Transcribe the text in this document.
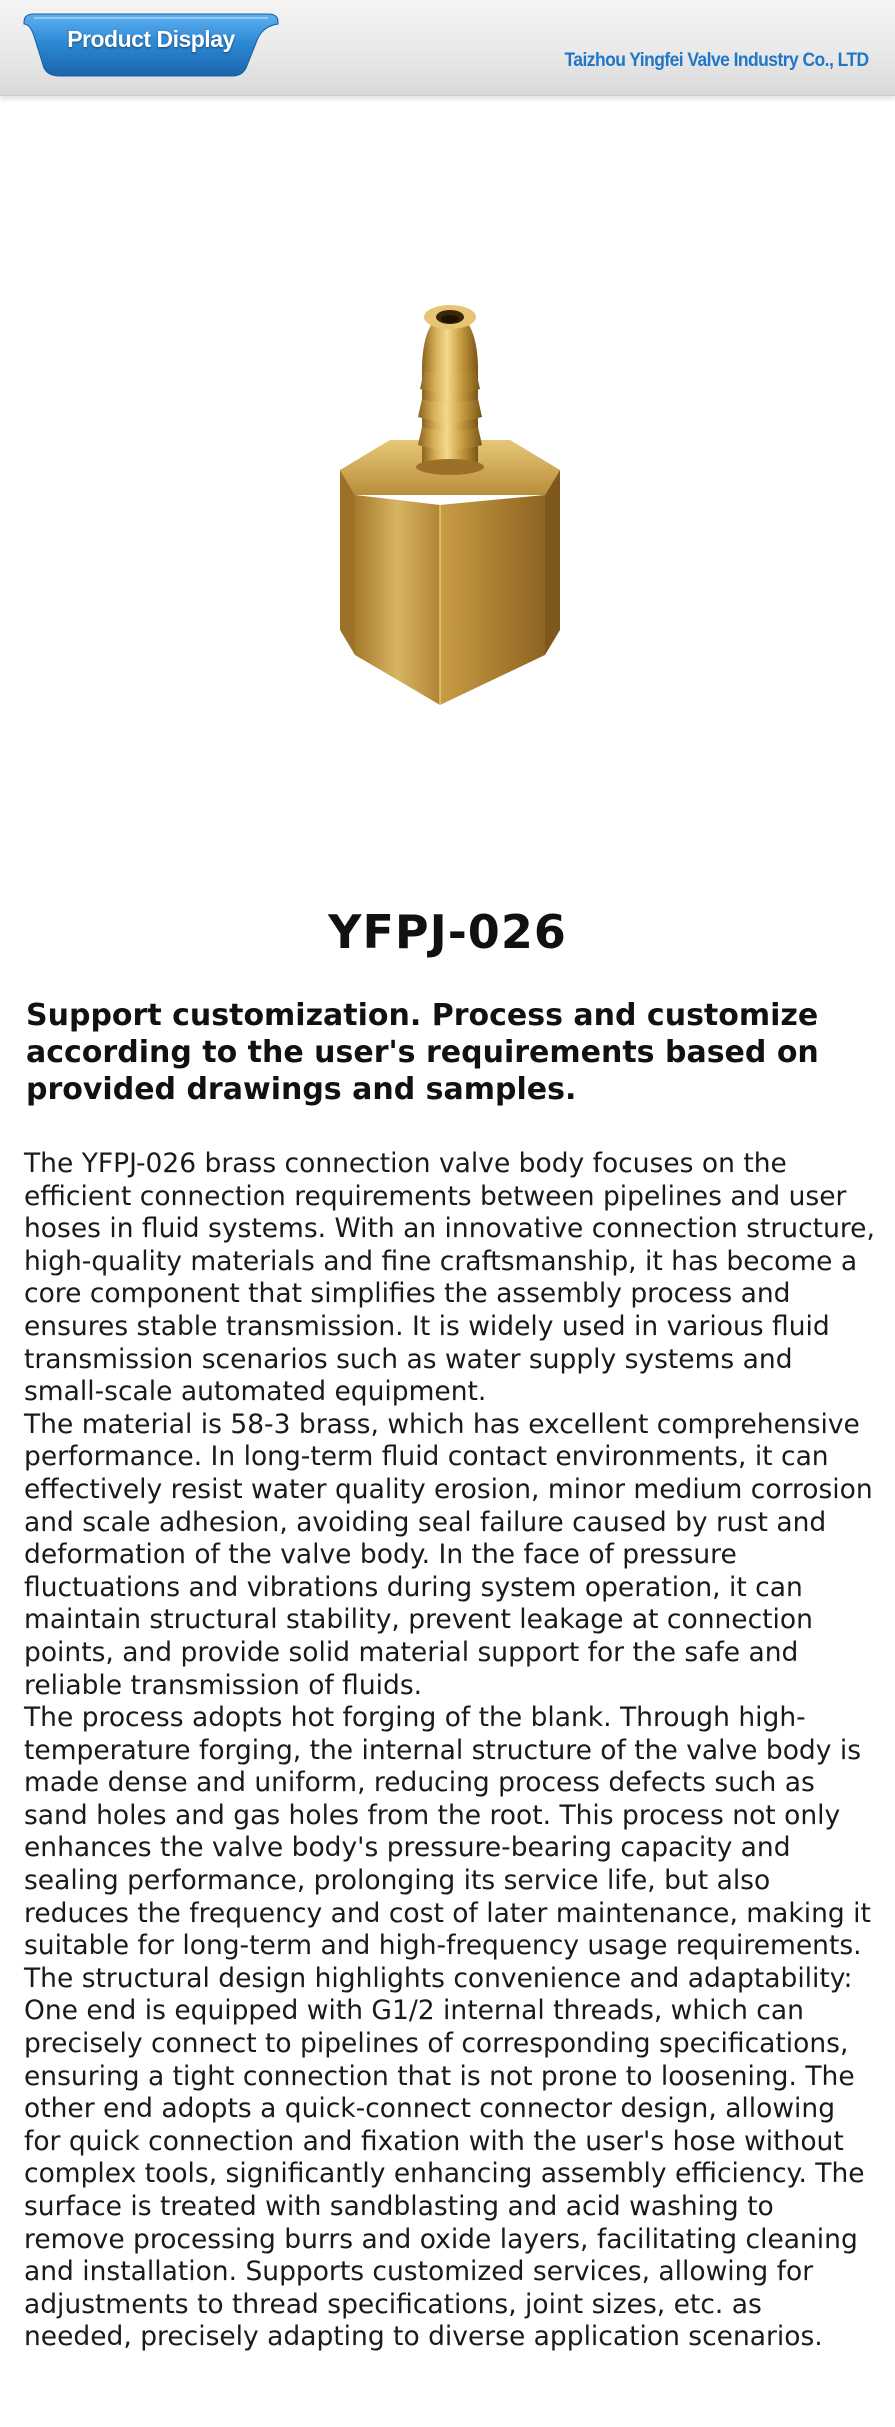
Product Display
Taizhou Yingfei Valve Industry Co., LTD
YFPJ-026
Support customization. Process and customize according to the user's requirements based on provided drawings and samples.

The YFPJ-026 brass connection valve body focuses on the efficient connection requirements between pipelines and user hoses in fluid systems. With an innovative connection structure, high-quality materials and fine craftsmanship, it has become a core component that simplifies the assembly process and ensures stable transmission. It is widely used in various fluid transmission scenarios such as water supply systems and small-scale automated equipment.

The material is 58-3 brass, which has excellent comprehensive performance. In long-term fluid contact environments, it can effectively resist water quality erosion, minor medium corrosion and scale adhesion, avoiding seal failure caused by rust and deformation of the valve body. In the face of pressure fluctuations and vibrations during system operation, it can maintain structural stability, prevent leakage at connection points, and provide solid material support for the safe and reliable transmission of fluids.

The process adopts hot forging of the blank. Through high-temperature forging, the internal structure of the valve body is made dense and uniform, reducing process defects such as sand holes and gas holes from the root. This process not only enhances the valve body's pressure-bearing capacity and sealing performance, prolonging its service life, but also reduces the frequency and cost of later maintenance, making it suitable for long-term and high-frequency usage requirements.

The structural design highlights convenience and adaptability: One end is equipped with G1/2 internal threads, which can precisely connect to pipelines of corresponding specifications, ensuring a tight connection that is not prone to loosening. The other end adopts a quick-connect connector design, allowing for quick connection and fixation with the user's hose without complex tools, significantly enhancing assembly efficiency. The surface is treated with sandblasting and acid washing to remove processing burrs and oxide layers, facilitating cleaning and installation. Supports customized services, allowing for adjustments to thread specifications, joint sizes, etc. as needed, precisely adapting to diverse application scenarios.
